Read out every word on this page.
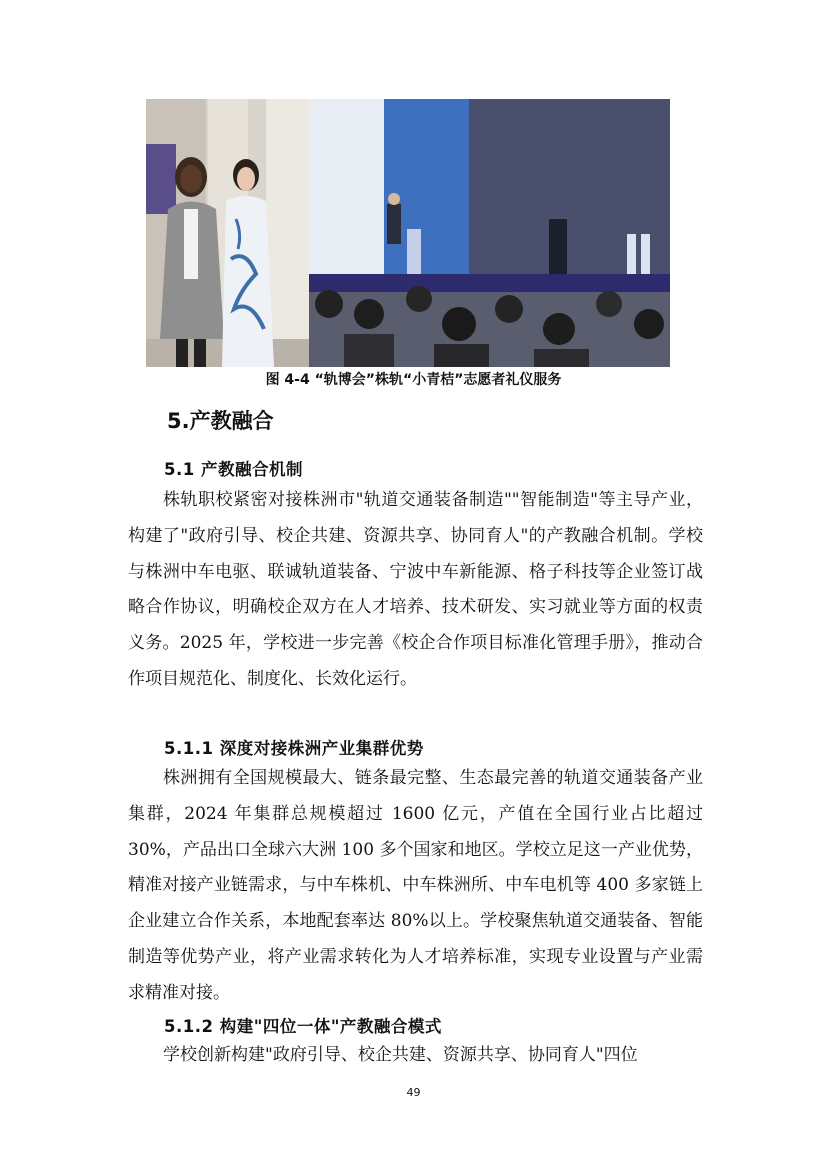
图 4-4 “轨博会”株轨“小青桔”志愿者礼仪服务
5.产教融合
5.1 产教融合机制

株轨职校紧密对接株洲市"轨道交通装备制造""智能制造"等主导产业，构建了"政府引导、校企共建、资源共享、协同育人"的产教融合机制。学校与株洲中车电驱、联诚轨道装备、宁波中车新能源、格子科技等企业签订战略合作协议，明确校企双方在人才培养、技术研发、实习就业等方面的权责义务。2025 年，学校进一步完善《校企合作项目标准化管理手册》，推动合作项目规范化、制度化、长效化运行。

5.1.1 深度对接株洲产业集群优势

株洲拥有全国规模最大、链条最完整、生态最完善的轨道交通装备产业集群，2024 年集群总规模超过 1600 亿元，产值在全国行业占比超过 30%，产品出口全球六大洲 100 多个国家和地区。学校立足这一产业优势，精准对接产业链需求，与中车株机、中车株洲所、中车电机等 400 多家链上企业建立合作关系，本地配套率达 80%以上。学校聚焦轨道交通装备、智能制造等优势产业，将产业需求转化为人才培养标准，实现专业设置与产业需求精准对接。

5.1.2 构建"四位一体"产教融合模式

学校创新构建"政府引导、校企共建、资源共享、协同育人"四位

49
